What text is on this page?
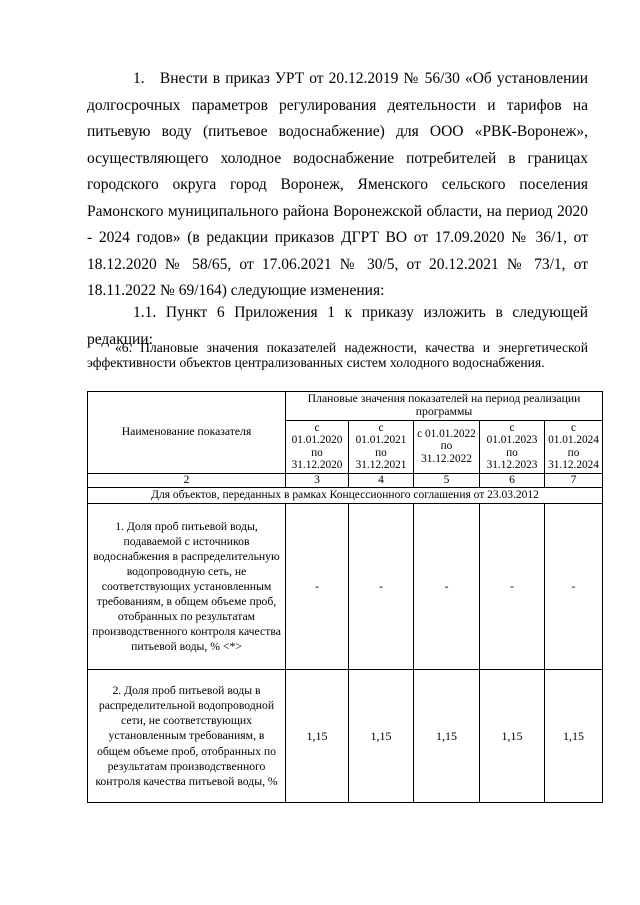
1.   Внести в приказ УРТ от 20.12.2019 № 56/30 «Об установлении долгосрочных параметров регулирования деятельности и тарифов на питьевую воду (питьевое водоснабжение) для ООО «РВК-Воронеж», осуществляющего холодное водоснабжение потребителей в границах городского округа город Воронеж, Яменского сельского поселения Рамонского муниципального района Воронежской области, на период 2020 - 2024 годов» (в редакции приказов ДГРТ ВО от 17.09.2020 № 36/1, от 18.12.2020 № 58/65, от 17.06.2021 № 30/5, от 20.12.2021 № 73/1, от 18.11.2022 № 69/164) следующие изменения:
1.1. Пункт 6 Приложения 1 к приказу изложить в следующей редакции:
«6. Плановые значения показателей надежности, качества и энергетической эффективности объектов централизованных систем холодного водоснабжения.
Наименование показателя	Плановые значения показателей на период реализации программы				
	с 01.01.2020 по 31.12.2020	с 01.01.2021 по 31.12.2021	с 01.01.2022 по 31.12.2022	с 01.01.2023 по 31.12.2023	с 01.01.2024 по 31.12.2024
2	3	4	5	6	7
Для объектов, переданных в рамках Концессионного соглашения от 23.03.2012					
1. Доля проб питьевой воды, подаваемой с источников водоснабжения в распределительную водопроводную сеть, не соответствующих установленным требованиям, в общем объеме проб, отобранных по результатам производственного контроля качества питьевой воды, % <*>	-	-	-	-	-
2. Доля проб питьевой воды в распределительной водопроводной сети, не соответствующих установленным требованиям, в общем объеме проб, отобранных по результатам производственного контроля качества питьевой воды, %	1,15	1,15	1,15	1,15	1,15
